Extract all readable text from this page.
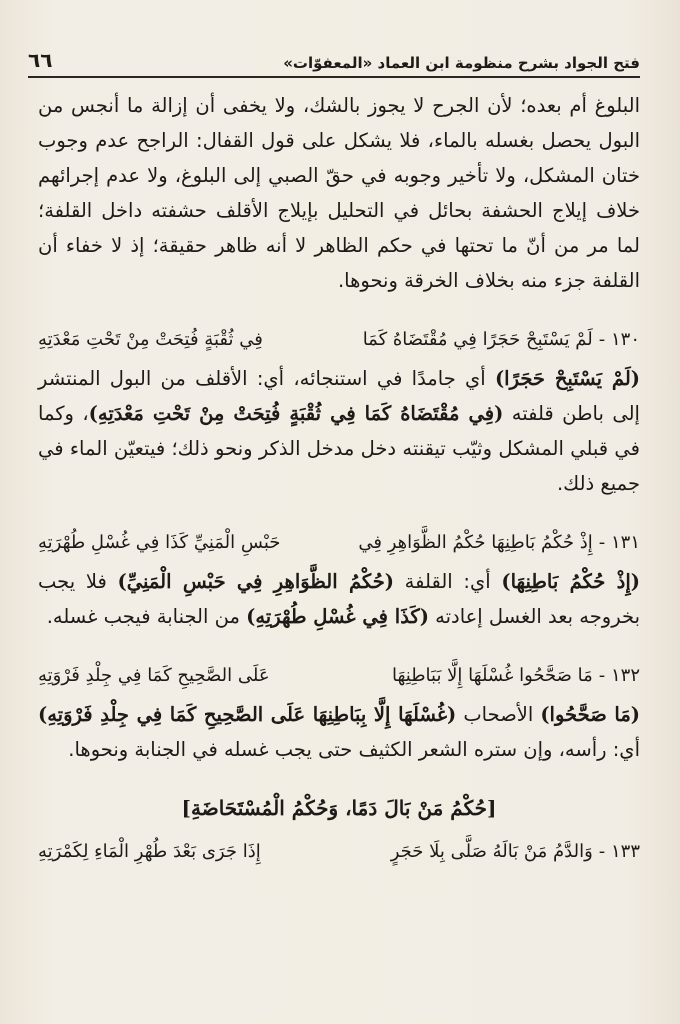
فتح الجواد بشرح منظومة ابن العماد «المعفوّات»
٦٦

البلوغ أم بعده؛ لأن الجرح لا يجوز بالشك، ولا يخفى أن إزالة ما أنجس من البول يحصل بغسله بالماء، فلا يشكل على قول القفال: الراجح عدم وجوب ختان المشكل، ولا تأخير وجوبه في حقّ الصبي إلى البلوغ، ولا عدم إجرائهم خلاف إيلاج الحشفة بحائل في التحليل بإيلاج الأقلف حشفته داخل القلفة؛ لما مر من أنّ ما تحتها في حكم الظاهر لا أنه ظاهر حقيقة؛ إذ لا خفاء أن القلفة جزء منه بخلاف الخرقة ونحوها.

١٣٠ -لَمْ يَسْتَبِحْ حَجَرًا فِي مُقْتَضَاهُ كَمَا
فِي ثُقْبَةٍ فُتِحَتْ مِنْ تَحْتِ مَعْدَتِهِ

(لَمْ يَسْتَبِحْ حَجَرًا) أي جامدًا في استنجائه، أي: الأقلف من البول المنتشر إلى باطن قلفته (فِي مُقْتَضَاهُ كَمَا فِي ثُقْبَةٍ فُتِحَتْ مِنْ تَحْتِ مَعْدَتِهِ)، وكما في قبلي المشكل وثيّب تيقنته دخل مدخل الذكر ونحو ذلك؛ فيتعيّن الماء في جميع ذلك.

١٣١ -إِذْ حُكْمُ بَاطِنِهَا حُكْمُ الظَّوَاهِرِ فِي
حَبْسِ الْمَنِيِّ كَذَا فِي غُسْلِ طُهْرَتِهِ

(إِذْ حُكْمُ بَاطِنِهَا) أي: القلفة (حُكْمُ الظَّوَاهِرِ فِي حَبْسِ الْمَنِيِّ) فلا يجب بخروجه بعد الغسل إعادته (كَذَا فِي غُسْلِ طُهْرَتِهِ) من الجنابة فيجب غسله.

١٣٢ -مَا صَحَّحُوا غُسْلَهَا إِلَّا بَبَاطِنِهَا
عَلَى الصَّحِيحِ كَمَا فِي جِلْدِ فَرْوَتِهِ

(مَا صَحَّحُوا) الأصحاب (غُسْلَهَا إِلَّا بِبَاطِنِهَا عَلَى الصَّحِيحِ كَمَا فِي جِلْدِ فَرْوَتِهِ) أي: رأسه، وإن ستره الشعر الكثيف حتى يجب غسله في الجنابة ونحوها.

[حُكْمُ مَنْ بَالَ دَمًا، وَحُكْمُ الْمُسْتَحَاضَةِ]
١٣٣ -وَالدَّمُ مَنْ بَالَهُ صَلَّى بِلَا حَجَرٍ
إِذَا جَرَى بَعْدَ طُهْرِ الْمَاءِ لِكَمْرَتِهِ
